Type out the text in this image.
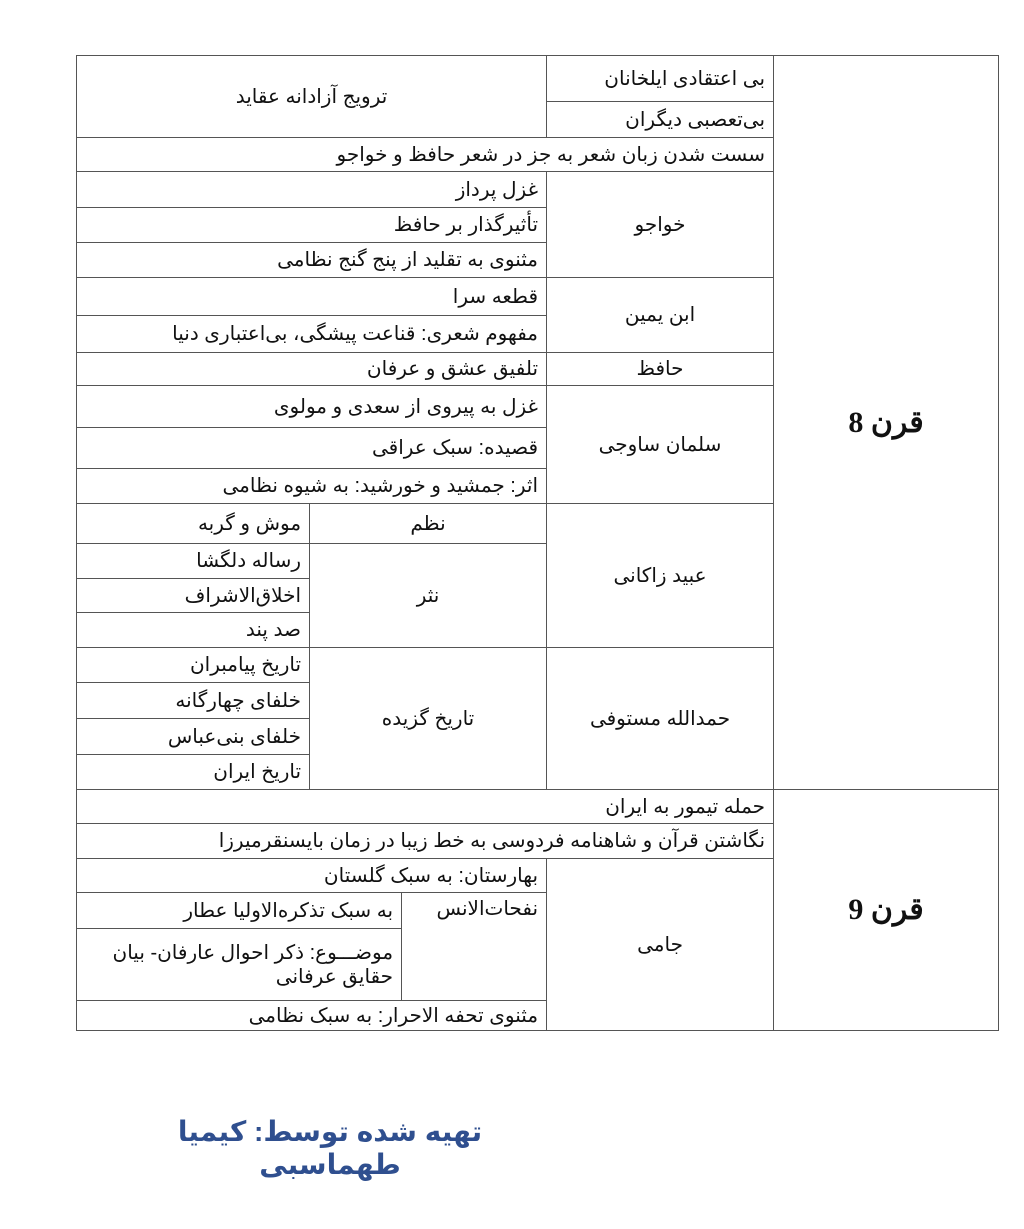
قرن 8	بی اعتقادی ایلخانان	ترویج آزادانه عقاید		
	بی‌تعصبی دیگران			
	سست شدن زبان شعر به جز در شعر حافظ و خواجو			
	خواجو	غزل پرداز		
		تأثیرگذار بر حافظ		
		مثنوی به تقلید از پنج گنج نظامی		
	ابن یمین	قطعه سرا		
		مفهوم شعری: قناعت پیشگی، بی‌اعتباری دنیا		
	حافظ	تلفیق عشق و عرفان		
	سلمان ساوجی	غزل به پیروی از سعدی و مولوی		
		قصیده: سبک عراقی		
		اثر: جمشید و خورشید: به شیوه نظامی		
	عبید زاکانی	نظم		موش و گربه
		نثر		رساله دلگشا
				اخلاق‌الاشراف
				صد پند
	حمدالله مستوفی	تاریخ گزیده		تاریخ پیامبران
				خلفای چهارگانه
				خلفای بنی‌عباس
				تاریخ ایران
قرن 9	حمله تیمور به ایران			
	نگاشتن قرآن و شاهنامه فردوسی به خط زیبا در زمان بایسنقرمیرزا			
	جامی	بهارستان: به سبک گلستان		
		نفحات‌الانس	به سبک تذکره‌الاولیا عطار	
			موضـــوع: ذکر احوال عارفان- بیان حقایق عرفانی	
		مثنوی تحفه الاحرار: به سبک نظامی		
تهیه شده توسط: کیمیا طهماسبی
